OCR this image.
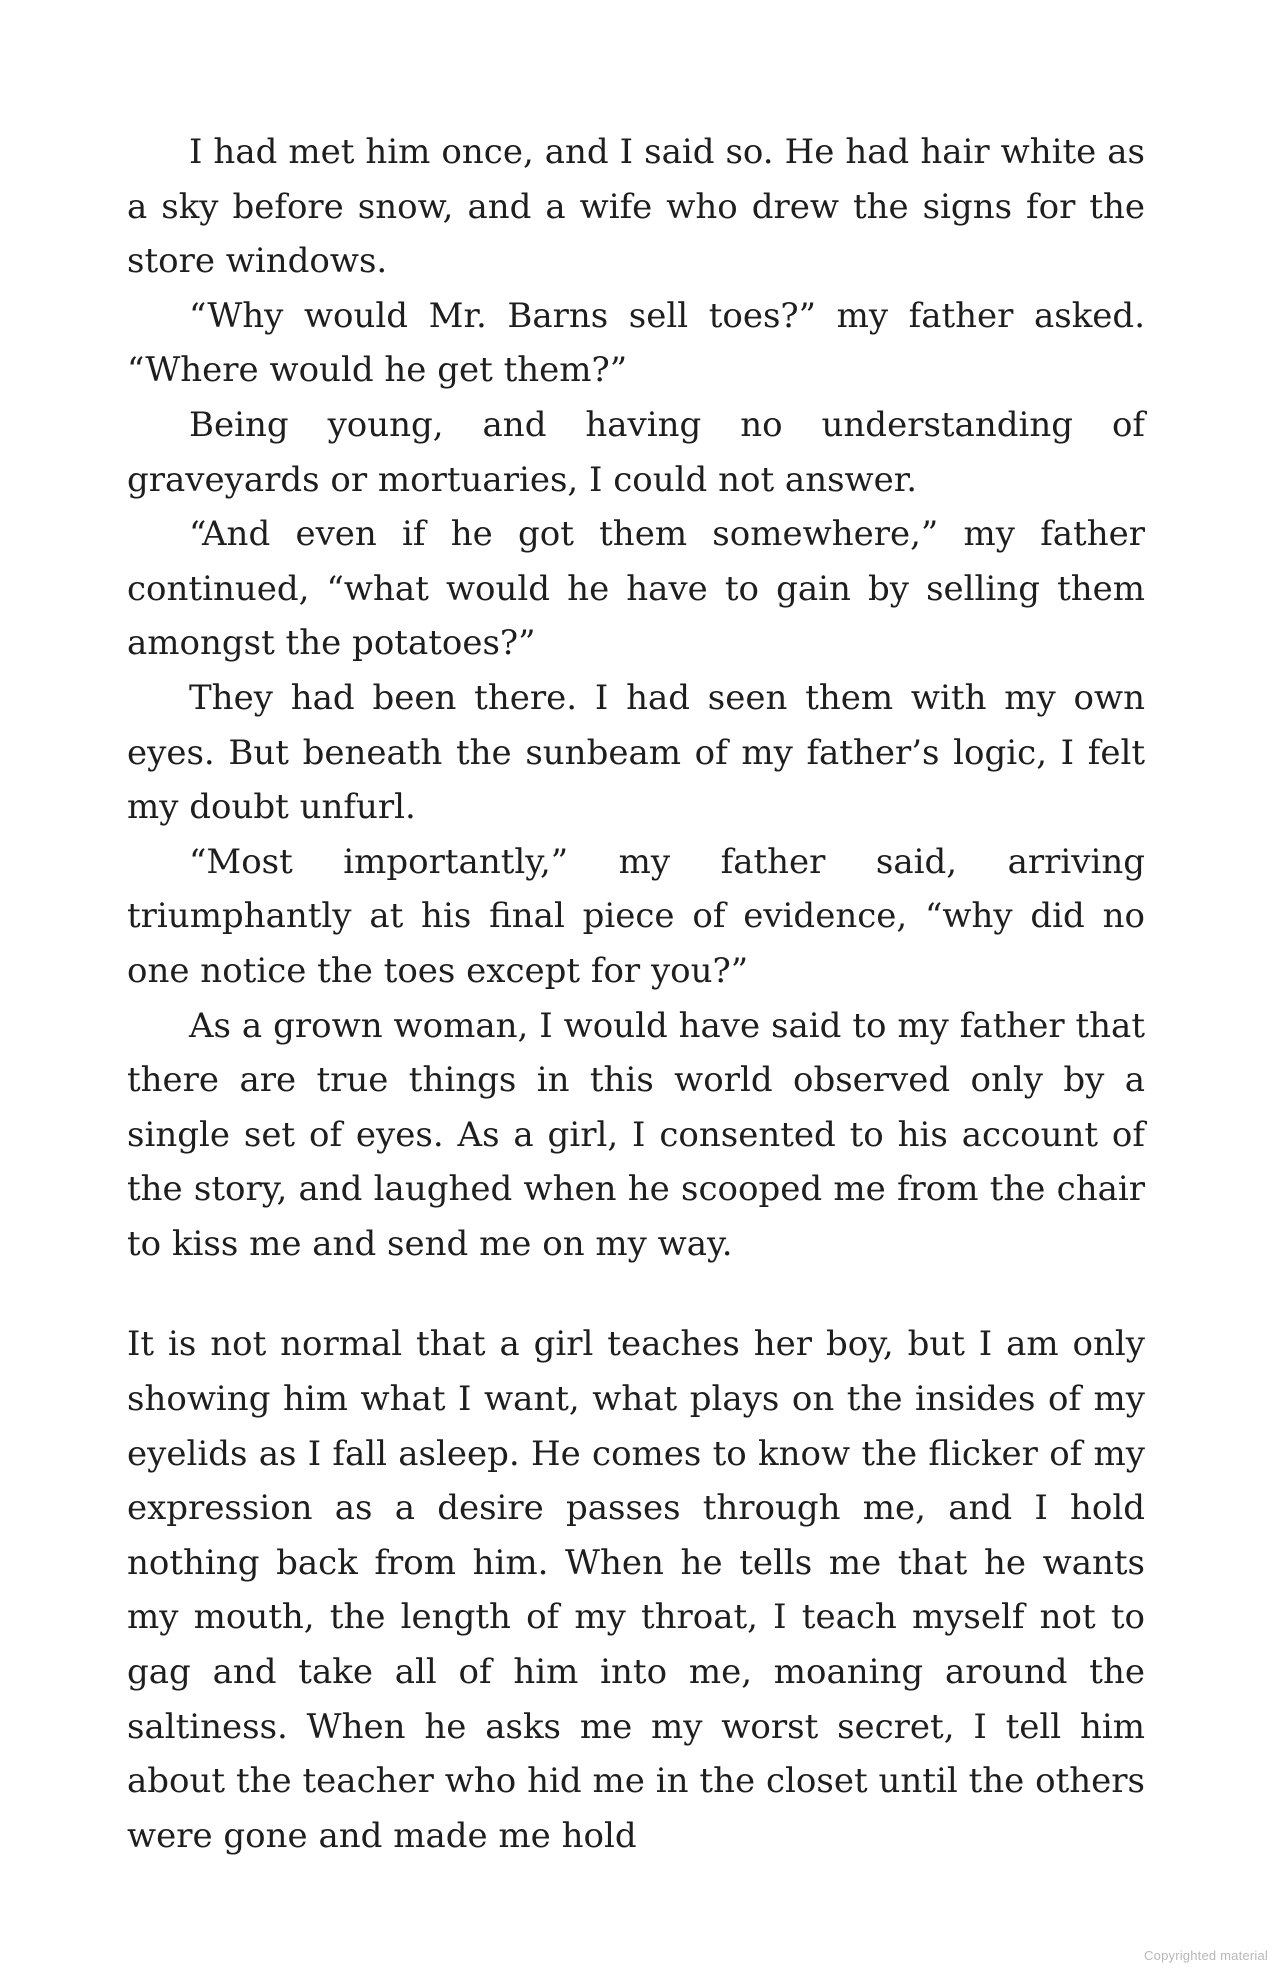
I had met him once, and I said so. He had hair white as a sky before snow, and a wife who drew the signs for the store windows.

“Why would Mr. Barns sell toes?” my father asked. “Where would he get them?”

Being young, and having no understanding of graveyards or mortuaries, I could not answer.

“And even if he got them somewhere,” my father continued, “what would he have to gain by selling them amongst the potatoes?”

They had been there. I had seen them with my own eyes. But beneath the sunbeam of my father’s logic, I felt my doubt unfurl.

“Most importantly,” my father said, arriving triumphantly at his final piece of evidence, “why did no one notice the toes except for you?”

As a grown woman, I would have said to my father that there are true things in this world observed only by a single set of eyes. As a girl, I consented to his account of the story, and laughed when he scooped me from the chair to kiss me and send me on my way.

It is not normal that a girl teaches her boy, but I am only showing him what I want, what plays on the insides of my eyelids as I fall asleep. He comes to know the flicker of my expression as a desire passes through me, and I hold nothing back from him. When he tells me that he wants my mouth, the length of my throat, I teach myself not to gag and take all of him into me, moaning around the saltiness. When he asks me my worst secret, I tell him about the teacher who hid me in the closet until the others were gone and made me hold

Copyrighted material
